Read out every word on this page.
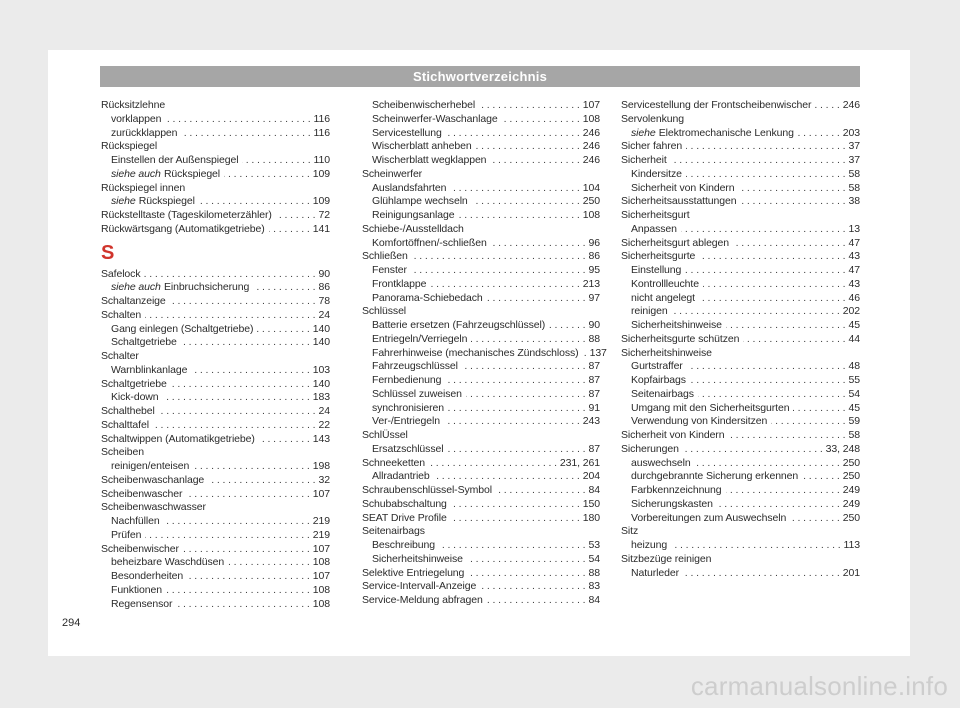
Stichwortverzeichnis
Rücksitzlehne
vorklappen . . .	116
zurückklappen . . .	116
Rückspiegel
Einstellen der Außenspiegel . . .	110
siehe auch Rückspiegel . . .	109
Rückspiegel innen
siehe Rückspiegel . . .	109
Rückstelltaste (Tageskilometerzähler) . . .	72
Rückwärtsgang (Automatikgetriebe) . . .	141
S
Safelock . . .	90
siehe auch Einbruchsicherung . . .	86
Schaltanzeige . . .	78
Schalten . . .	24
Gang einlegen (Schaltgetriebe) . . .	140
Schaltgetriebe . . .	140
Schalter
Warnblinkanlage . . .	103
Schaltgetriebe . . .	140
Kick-down . . .	183
Schalthebel . . .	24
Schalttafel . . .	22
Schaltwippen (Automatikgetriebe) . . .	143
Scheiben
reinigen/enteisen . . .	198
Scheibenwaschanlage . . .	32
Scheibenwascher . . .	107
Scheibenwaschwasser
Nachfüllen . . .	219
Prüfen . . .	219
Scheibenwischer . . .	107
beheizbare Waschdüsen . . .	108
Besonderheiten . . .	107
Funktionen . . .	108
Regensensor . . .	108
Scheibenwischerhebel . . .	107
Scheinwerfer-Waschanlage . . .	108
Servicestellung . . .	246
Wischerblatt anheben . . .	246
Wischerblatt wegklappen . . .	246
Scheinwerfer
Auslandsfahrten . . .	104
Glühlampe wechseln . . .	250
Reinigungsanlage . . .	108
Schiebe-/Ausstelldach
Komfortöffnen/-schließen . . .	96
Schließen . . .	86
Fenster . . .	95
Frontklappe . . .	213
Panorama-Schiebedach . . .	97
Schlüssel
Batterie ersetzen (Fahrzeugschlüssel) . . .	90
Entriegeln/Verriegeln . . .	88
Fahrerhinweise (mechanisches Zündschloss) . . . 137
Fahrzeugschlüssel . . .	87
Fernbedienung . . .	87
Schlüssel zuweisen . . .	87
synchronisieren . . .	91
Ver-/Entriegeln . . .	243
SchlÜssel
Ersatzschlüssel . . .	87
Schneeketten . . .	231, 261
Allradantrieb . . .	204
Schraubenschlüssel-Symbol . . .	84
Schubabschaltung . . .	150
SEAT Drive Profile . . .	180
Seitenairbags
Beschreibung . . .	53
Sicherheitshinweise . . .	54
Selektive Entriegelung . . .	88
Service-Intervall-Anzeige . . .	83
Service-Meldung abfragen . . .	84
Servicestellung der Frontscheibenwischer . . .	246
Servolenkung
siehe Elektromechanische Lenkung . . .	203
Sicher fahren . . .	37
Sicherheit . . .	37
Kindersitze . . .	58
Sicherheit von Kindern . . .	58
Sicherheitsausstattungen . . .	38
Sicherheitsgurt
Anpassen . . .	13
Sicherheitsgurt ablegen . . .	47
Sicherheitsgurte . . .	43
Einstellung . . .	47
Kontrollleuchte . . .	43
nicht angelegt . . .	46
reinigen . . .	202
Sicherheitshinweise . . .	45
Sicherheitsgurte schützen . . .	44
Sicherheitshinweise
Gurtstraffer . . .	48
Kopfairbags . . .	55
Seitenairbags . . .	54
Umgang mit den Sicherheitsgurten . . .	45
Verwendung von Kindersitzen . . .	59
Sicherheit von Kindern . . .	58
Sicherungen . . .	33, 248
auswechseln . . .	250
durchgebrannte Sicherung erkennen . . .	250
Farbkennzeichnung . . .	249
Sicherungskasten . . .	249
Vorbereitungen zum Auswechseln . . .	250
Sitz
heizung . . .	113
Sitzbezüge reinigen
Naturleder . . .	201
294
carmanualsonline.info
